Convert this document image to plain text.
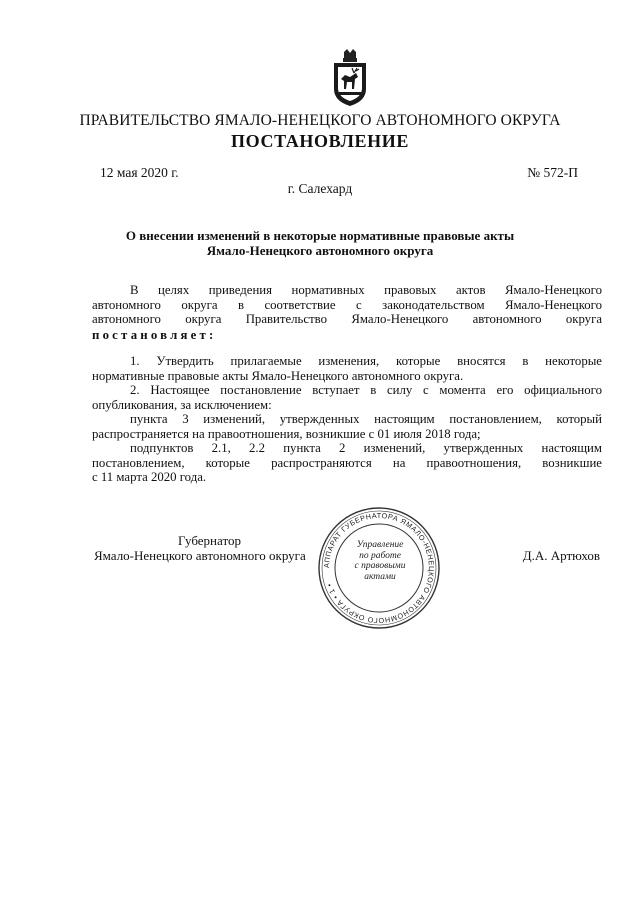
ПРАВИТЕЛЬСТВО ЯМАЛО-НЕНЕЦКОГО АВТОНОМНОГО ОКРУГА
ПОСТАНОВЛЕНИЕ
12 мая 2020 г.	№ 572-П
г. Салехард
О внесении изменений в некоторые нормативные правовые акты
Ямало-Ненецкого автономного округа
В целях приведения нормативных правовых актов Ямало-Ненецкого
автономного округа в соответствие с законодательством Ямало-Ненецкого
автономного округа Правительство Ямало-Ненецкого автономного округа
постановляет:
1. Утвердить прилагаемые изменения, которые вносятся в некоторые
нормативные правовые акты Ямало-Ненецкого автономного округа.
2. Настоящее постановление вступает в силу с момента его официального
опубликования, за исключением:
пункта 3 изменений, утвержденных настоящим постановлением, который
распространяется на правоотношения, возникшие с 01 июля 2018 года;
подпунктов 2.1, 2.2 пункта 2 изменений, утвержденных настоящим
постановлением, которые распространяются на правоотношения, возникшие
с 11 марта 2020 года.
Губернатор
Ямало-Ненецкого автономного округа	Д.А. Артюхов
АППАРАТ ГУБЕРНАТОРА ЯМАЛО-НЕНЕЦКОГО АВТОНОМНОГО ОКРУГА • 1 •
Управление
по работе
с правовыми
актами
